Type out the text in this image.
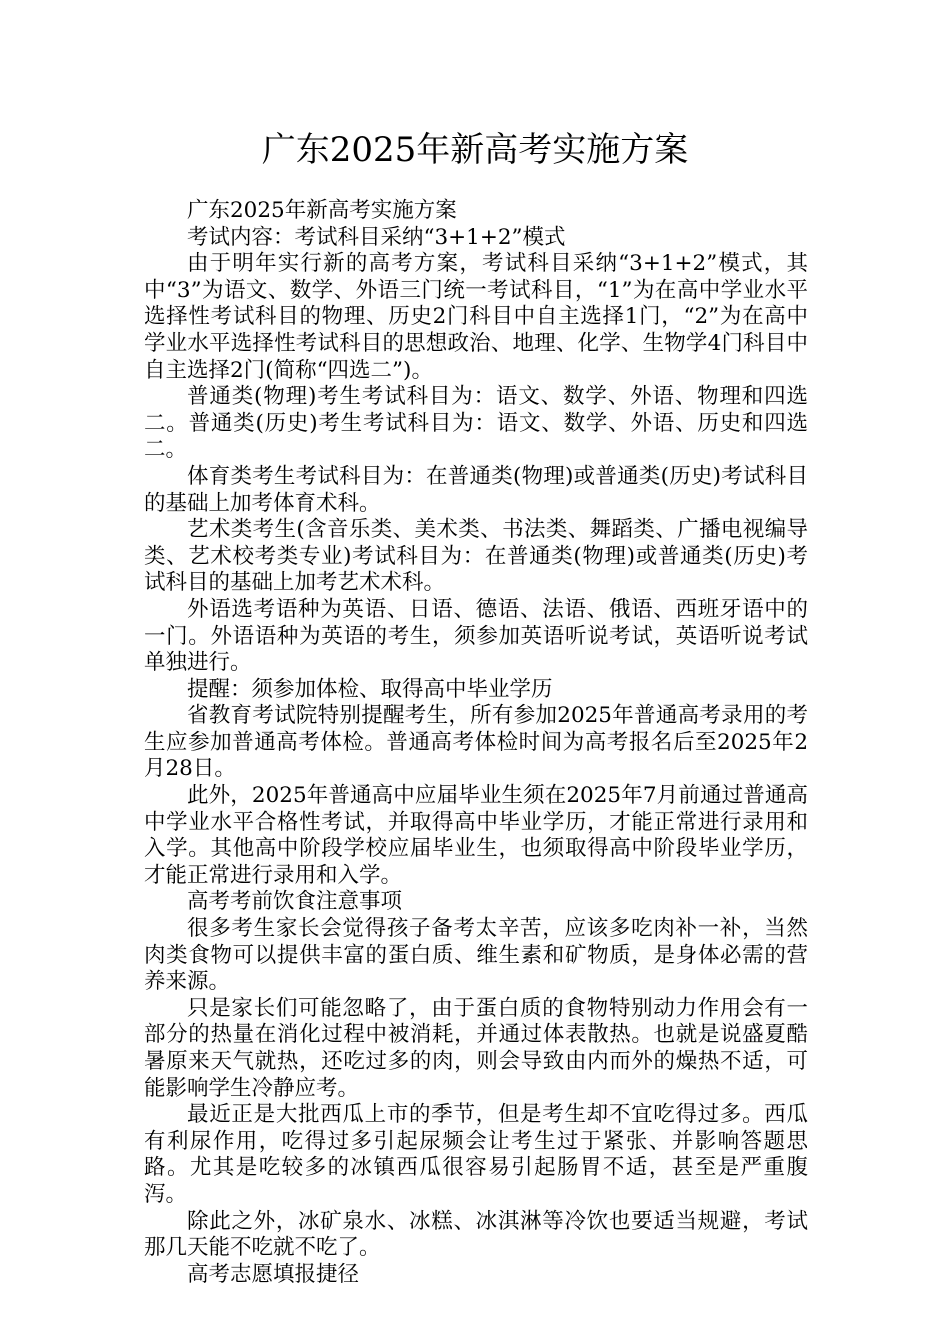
广东2025年新高考实施方案

广东2025年新高考实施方案

考试内容：考试科目采纳“3+1+2”模式

由于明年实行新的高考方案，考试科目采纳“3+1+2”模式，其中“3”为语文、数学、外语三门统一考试科目，“1”为在高中学业水平选择性考试科目的物理、历史2门科目中自主选择1门，“2”为在高中学业水平选择性考试科目的思想政治、地理、化学、生物学4门科目中自主选择2门(简称“四选二”)。

普通类(物理)考生考试科目为：语文、数学、外语、物理和四选二。普通类(历史)考生考试科目为：语文、数学、外语、历史和四选二。

体育类考生考试科目为：在普通类(物理)或普通类(历史)考试科目的基础上加考体育术科。

艺术类考生(含音乐类、美术类、书法类、舞蹈类、广播电视编导类、艺术校考类专业)考试科目为：在普通类(物理)或普通类(历史)考试科目的基础上加考艺术术科。

外语选考语种为英语、日语、德语、法语、俄语、西班牙语中的一门。外语语种为英语的考生，须参加英语听说考试，英语听说考试单独进行。

提醒：须参加体检、取得高中毕业学历

省教育考试院特别提醒考生，所有参加2025年普通高考录用的考生应参加普通高考体检。普通高考体检时间为高考报名后至2025年2月28日。

此外，2025年普通高中应届毕业生须在2025年7月前通过普通高中学业水平合格性考试，并取得高中毕业学历，才能正常进行录用和入学。其他高中阶段学校应届毕业生，也须取得高中阶段毕业学历，才能正常进行录用和入学。

高考考前饮食注意事项

很多考生家长会觉得孩子备考太辛苦，应该多吃肉补一补，当然肉类食物可以提供丰富的蛋白质、维生素和矿物质，是身体必需的营养来源。

只是家长们可能忽略了，由于蛋白质的食物特别动力作用会有一部分的热量在消化过程中被消耗，并通过体表散热。也就是说盛夏酷暑原来天气就热，还吃过多的肉，则会导致由内而外的燥热不适，可能影响学生冷静应考。

最近正是大批西瓜上市的季节，但是考生却不宜吃得过多。西瓜有利尿作用，吃得过多引起尿频会让考生过于紧张、并影响答题思路。尤其是吃较多的冰镇西瓜很容易引起肠胃不适，甚至是严重腹泻。

除此之外，冰矿泉水、冰糕、冰淇淋等冷饮也要适当规避，考试那几天能不吃就不吃了。

高考志愿填报捷径
